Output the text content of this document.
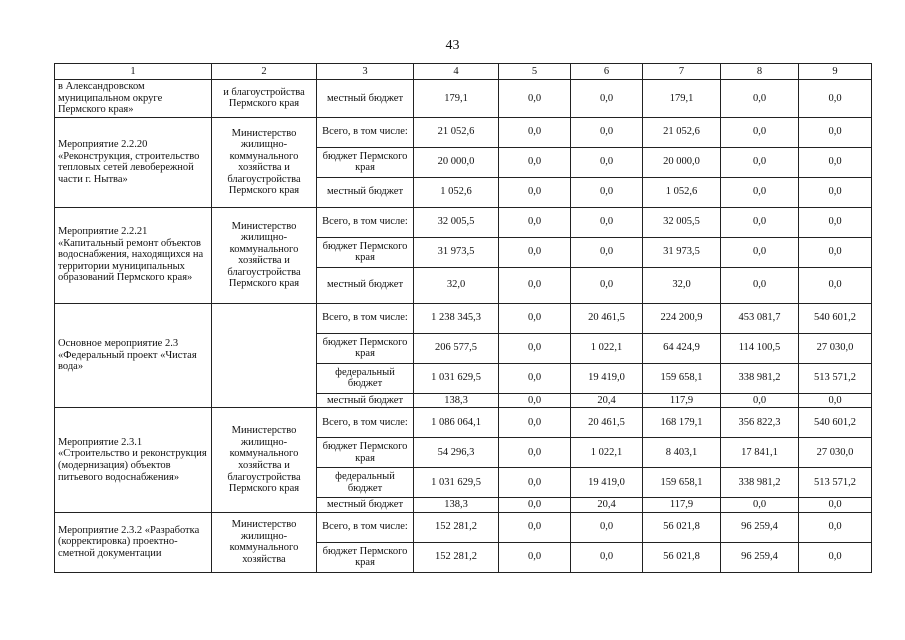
43
1	2	3	4	5	6	7	8	9
в Александровском муниципальном округе Пермского края»	и благоустройства Пермского края	местный бюджет	179,1	0,0	0,0	179,1	0,0	0,0
Мероприятие 2.2.20 «Реконструкция, строительство тепловых сетей левобережной части г. Нытва»	Министерство жилищно-коммунального хозяйства и благоустройства Пермского края	Всего, в том числе:	21 052,6	0,0	0,0	21 052,6	0,0	0,0
		бюджет Пермского края	20 000,0	0,0	0,0	20 000,0	0,0	0,0
		местный бюджет	1 052,6	0,0	0,0	1 052,6	0,0	0,0
Мероприятие 2.2.21 «Капитальный ремонт объектов водоснабжения, находящихся на территории муниципальных образований Пермского края»	Министерство жилищно-коммунального хозяйства и благоустройства Пермского края	Всего, в том числе:	32 005,5	0,0	0,0	32 005,5	0,0	0,0
		бюджет Пермского края	31 973,5	0,0	0,0	31 973,5	0,0	0,0
		местный бюджет	32,0	0,0	0,0	32,0	0,0	0,0
Основное мероприятие 2.3 «Федеральный проект «Чистая вода»		Всего, в том числе:	1 238 345,3	0,0	20 461,5	224 200,9	453 081,7	540 601,2
		бюджет Пермского края	206 577,5	0,0	1 022,1	64 424,9	114 100,5	27 030,0
		федеральный бюджет	1 031 629,5	0,0	19 419,0	159 658,1	338 981,2	513 571,2
		местный бюджет	138,3	0,0	20,4	117,9	0,0	0,0
Мероприятие 2.3.1 «Строительство и реконструкция (модернизация) объектов питьевого водоснабжения»	Министерство жилищно-коммунального хозяйства и благоустройства Пермского края	Всего, в том числе:	1 086 064,1	0,0	20 461,5	168 179,1	356 822,3	540 601,2
		бюджет Пермского края	54 296,3	0,0	1 022,1	8 403,1	17 841,1	27 030,0
		федеральный бюджет	1 031 629,5	0,0	19 419,0	159 658,1	338 981,2	513 571,2
		местный бюджет	138,3	0,0	20,4	117,9	0,0	0,0
Мероприятие 2.3.2 «Разработка (корректировка) проектно-сметной документации	Министерство жилищно-коммунального хозяйства	Всего, в том числе:	152 281,2	0,0	0,0	56 021,8	96 259,4	0,0
		бюджет Пермского края	152 281,2	0,0	0,0	56 021,8	96 259,4	0,0
